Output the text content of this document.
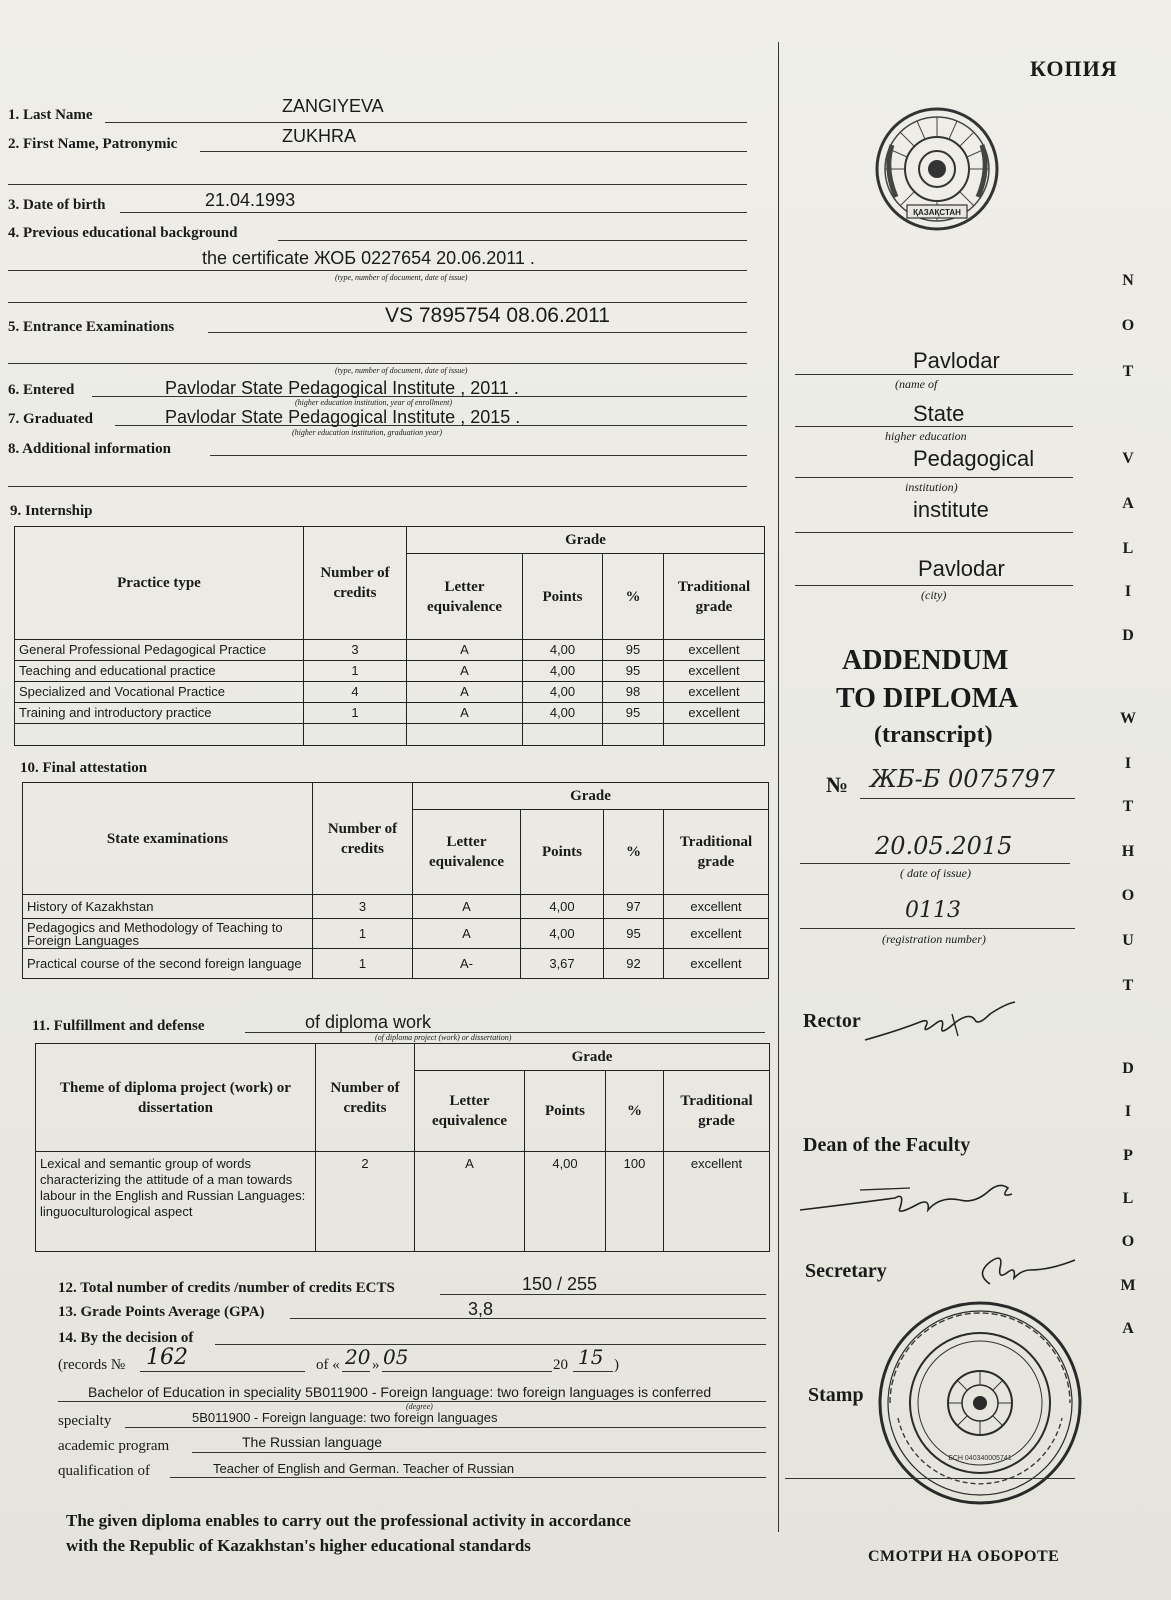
1. Last Name	ZANGIYEVA
2. First Name, Patronymic	ZUKHRA
3. Date of birth	21.04.1993
4. Previous educational background
the certificate ЖОБ 0227654 20.06.2011 .
(type, number of document, date of issue)
5. Entrance Examinations	VS 7895754 08.06.2011
(type, number of document, date of issue)
6. Entered	Pavlodar State Pedagogical Institute , 2011 .
(higher education institution, year of enrollment)
7. Graduated	Pavlodar State Pedagogical Institute , 2015 .
(higher education institution, graduation year)
8. Additional information
9. Internship
Practice type	Number of credits	Grade			
		Letter equivalence	Points	%	Traditional grade
General Professional Pedagogical Practice	3	A	4,00	95	excellent
Teaching and educational practice	1	A	4,00	95	excellent
Specialized and Vocational Practice	4	A	4,00	98	excellent
Training and introductory practice	1	A	4,00	95	excellent

10. Final attestation
State examinations	Number of credits	Grade			
		Letter equivalence	Points	%	Traditional grade
History of Kazakhstan	3	A	4,00	97	excellent
Pedagogics and Methodology of Teaching to Foreign Languages	1	A	4,00	95	excellent
Practical course of the second foreign language	1	A-	3,67	92	excellent
11. Fulfillment and defense	of diploma work
(of diploma project (work) or dissertation)
Theme of diploma project (work) or dissertation	Number of credits	Grade			
		Letter equivalence	Points	%	Traditional grade
Lexical and semantic group of words characterizing the attitude of a man towards labour in the English and Russian Languages: linguoculturological aspect	2	A	4,00	100	excellent
12. Total number of credits /number of credits ECTS	150 / 255
13. Grade Points Average (GPA)	3,8
14. By the decision of
(records № 162	of « 20 » 05	20 15 )
Bachelor of Education in speciality 5B011900 - Foreign language: two foreign languages is conferred
(degree)
specialty	5B011900 - Foreign language: two foreign languages
academic program	The Russian language
qualification of	Teacher of English and German. Teacher of Russian
The given diploma enables to carry out the professional activity in accordance
with the Republic of Kazakhstan's higher educational standards
КОПИЯ
ҚАЗАҚСТАН
Pavlodar
(name of
State
higher education
Pedagogical
institution)
institute
Pavlodar
(city)
ADDENDUM
TO DIPLOMA
(transcript)
№ ЖБ-Б 0075797
20.05.2015
( date of issue)
0113
(registration number)
Rector
Dean of the Faculty
Secretary
Stamp
БСН 040340005741
СМОТРИ НА ОБОРОТЕ
N
O
T
V
A
L
I
D
W
I
T
H
O
U
T
D
I
P
L
O
M
A
